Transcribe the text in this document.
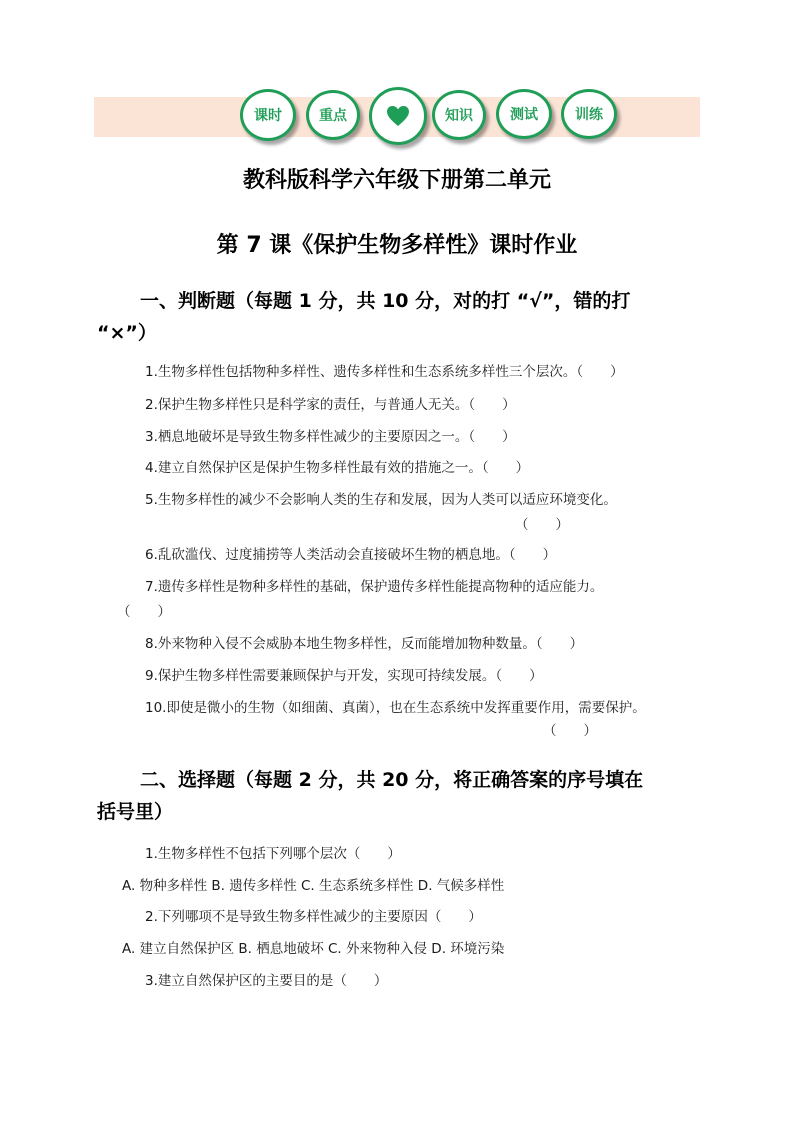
课时	重点	知识	测试	训练
教科版科学六年级下册第二单元
第 7 课《保护生物多样性》课时作业
一、判断题（每题 1 分，共 10 分，对的打 “√”，错的打
“×”）
1.生物多样性包括物种多样性、遗传多样性和生态系统多样性三个层次。（　　）
2.保护生物多样性只是科学家的责任，与普通人无关。（　　）
3.栖息地破坏是导致生物多样性减少的主要原因之一。（　　）
4.建立自然保护区是保护生物多样性最有效的措施之一。（　　）
5.生物多样性的减少不会影响人类的生存和发展，因为人类可以适应环境变化。
（　　）
6.乱砍滥伐、过度捕捞等人类活动会直接破坏生物的栖息地。（　　）
7.遗传多样性是物种多样性的基础，保护遗传多样性能提高物种的适应能力。
（　　）
8.外来物种入侵不会威胁本地生物多样性，反而能增加物种数量。（　　）
9.保护生物多样性需要兼顾保护与开发，实现可持续发展。（　　）
10.即使是微小的生物（如细菌、真菌），也在生态系统中发挥重要作用，需要保护。
（　　）
二、选择题（每题 2 分，共 20 分，将正确答案的序号填在
括号里）
1.生物多样性不包括下列哪个层次（　　）
A. 物种多样性 B. 遗传多样性 C. 生态系统多样性 D. 气候多样性
2.下列哪项不是导致生物多样性减少的主要原因（　　）
A. 建立自然保护区 B. 栖息地破坏 C. 外来物种入侵 D. 环境污染
3.建立自然保护区的主要目的是（　　）
